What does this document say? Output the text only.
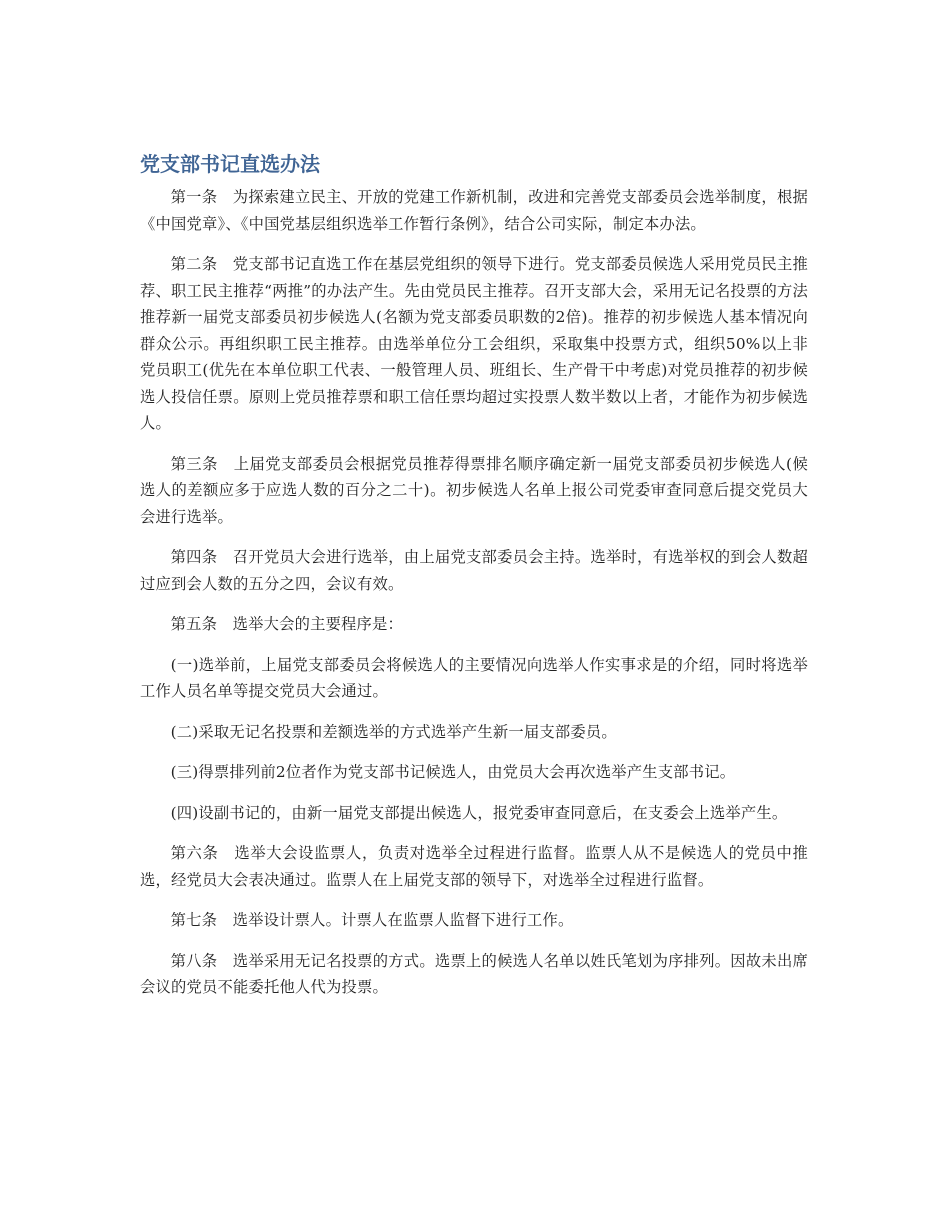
党支部书记直选办法

第一条　为探索建立民主、开放的党建工作新机制，改进和完善党支部委员会选举制度，根据《中国党章》、《中国党基层组织选举工作暂行条例》，结合公司实际，制定本办法。

第二条　党支部书记直选工作在基层党组织的领导下进行。党支部委员候选人采用党员民主推荐、职工民主推荐“两推”的办法产生。先由党员民主推荐。召开支部大会，采用无记名投票的方法推荐新一届党支部委员初步候选人(名额为党支部委员职数的2倍)。推荐的初步候选人基本情况向群众公示。再组织职工民主推荐。由选举单位分工会组织，采取集中投票方式，组织50%以上非党员职工(优先在本单位职工代表、一般管理人员、班组长、生产骨干中考虑)对党员推荐的初步候选人投信任票。原则上党员推荐票和职工信任票均超过实投票人数半数以上者，才能作为初步候选人。

第三条　上届党支部委员会根据党员推荐得票排名顺序确定新一届党支部委员初步候选人(候选人的差额应多于应选人数的百分之二十)。初步候选人名单上报公司党委审查同意后提交党员大会进行选举。

第四条　召开党员大会进行选举，由上届党支部委员会主持。选举时，有选举权的到会人数超过应到会人数的五分之四，会议有效。

第五条　选举大会的主要程序是：

(一)选举前，上届党支部委员会将候选人的主要情况向选举人作实事求是的介绍，同时将选举工作人员名单等提交党员大会通过。

(二)采取无记名投票和差额选举的方式选举产生新一届支部委员。

(三)得票排列前2位者作为党支部书记候选人，由党员大会再次选举产生支部书记。

(四)设副书记的，由新一届党支部提出候选人，报党委审查同意后，在支委会上选举产生。

第六条　选举大会设监票人，负责对选举全过程进行监督。监票人从不是候选人的党员中推选，经党员大会表决通过。监票人在上届党支部的领导下，对选举全过程进行监督。

第七条　选举设计票人。计票人在监票人监督下进行工作。

第八条　选举采用无记名投票的方式。选票上的候选人名单以姓氏笔划为序排列。因故未出席会议的党员不能委托他人代为投票。
